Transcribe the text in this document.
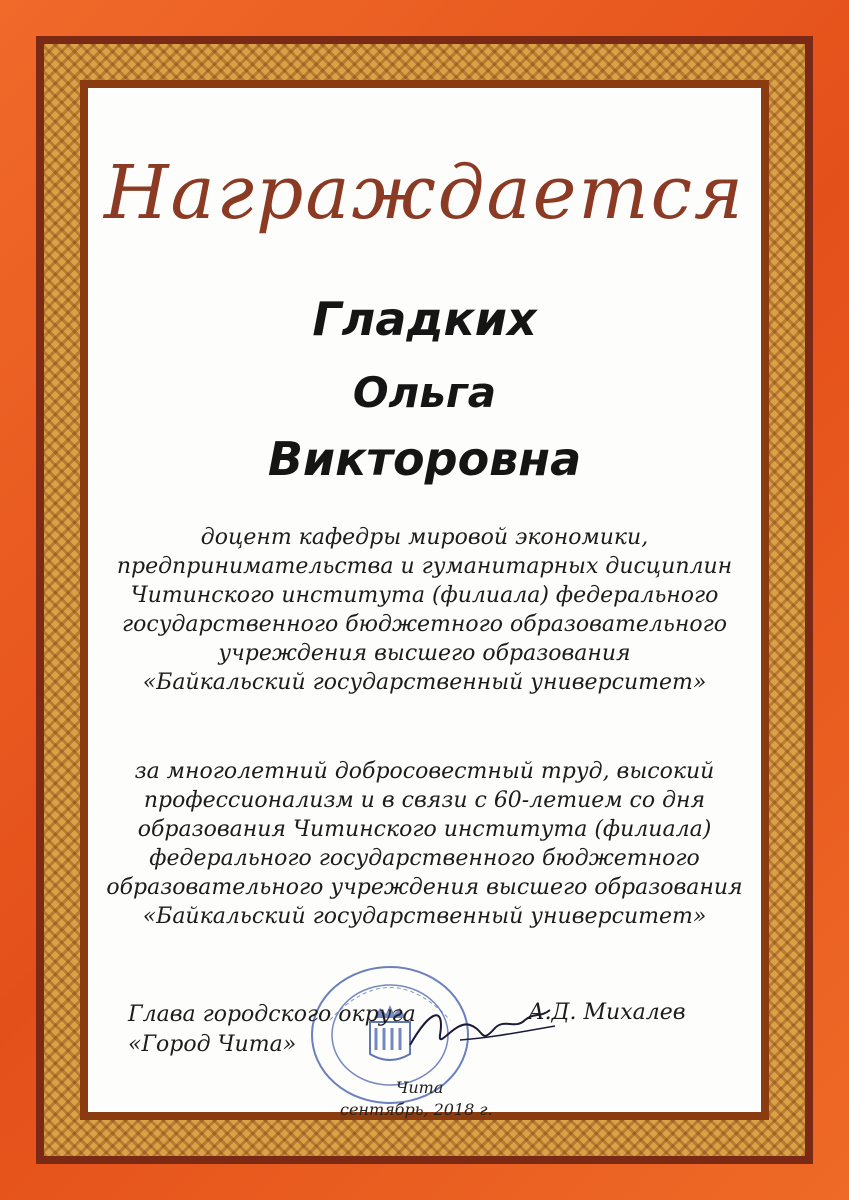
Награждается
Гладких
Ольга
Викторовна
доцент кафедры мировой экономики,
предпринимательства и гуманитарных дисциплин
Читинского института (филиала) федерального
государственного бюджетного образовательного
учреждения высшего образования
«Байкальский государственный университет»
за многолетний добросовестный труд, высокий
профессионализм и в связи с 60-летием со дня
образования Читинского института (филиала)
федерального государственного бюджетного
образовательного учреждения высшего образования
«Байкальский государственный университет»
Глава городского округа
«Город Чита»
А.Д. Михалев
Чита
сентябрь, 2018 г.
